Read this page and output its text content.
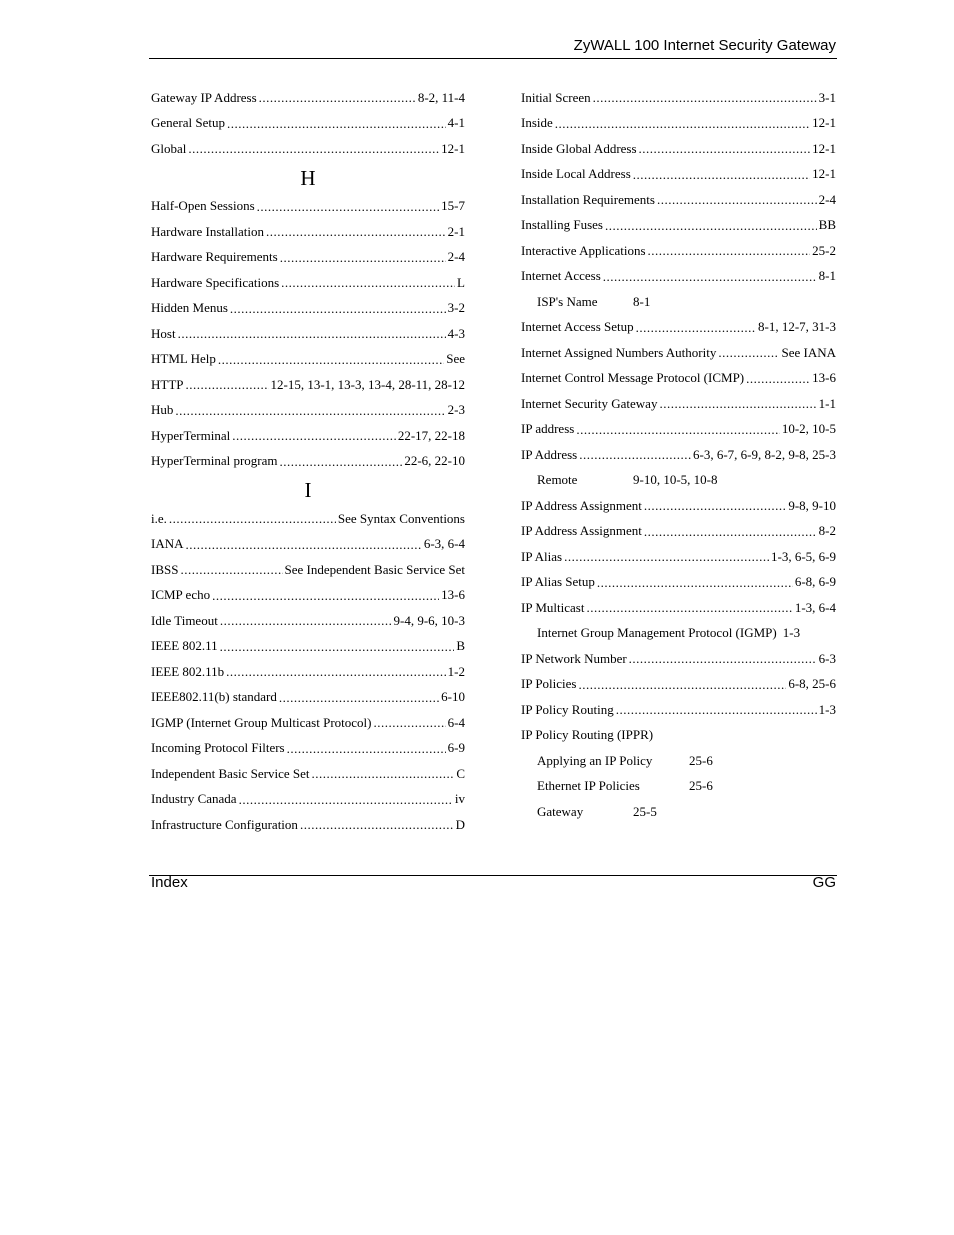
ZyWALL 100 Internet Security Gateway
Gateway IP Address .....	8-2, 11-4
General Setup .....	4-1
Global .....	12-1
H
Half-Open Sessions .....	15-7
Hardware Installation .....	2-1
Hardware Requirements .....	2-4
Hardware Specifications .....	L
Hidden Menus .....	3-2
Host .....	4-3
HTML Help .....	See
HTTP .....	12-15, 13-1, 13-3, 13-4, 28-11, 28-12
Hub .....	2-3
HyperTerminal .....	22-17, 22-18
HyperTerminal program .....	22-6, 22-10
I
i.e. .....	See Syntax Conventions
IANA .....	6-3, 6-4
IBSS .....	See Independent Basic Service Set
ICMP echo .....	13-6
Idle Timeout .....	9-4, 9-6, 10-3
IEEE 802.11 .....	B
IEEE 802.11b .....	1-2
IEEE802.11(b) standard .....	6-10
IGMP (Internet Group Multicast Protocol) .....	6-4
Incoming Protocol Filters .....	6-9
Independent Basic Service Set .....	C
Industry Canada .....	iv
Infrastructure Configuration .....	D
Initial Screen .....	3-1
Inside .....	12-1
Inside Global Address .....	12-1
Inside Local Address .....	12-1
Installation Requirements .....	2-4
Installing Fuses .....	BB
Interactive Applications .....	25-2
Internet Access .....	8-1
ISP's Name	8-1
Internet Access Setup .....	8-1, 12-7, 31-3
Internet Assigned Numbers Authority .....	See IANA
Internet Control Message Protocol (ICMP) .....	13-6
Internet Security Gateway .....	1-1
IP address .....	10-2, 10-5
IP Address .....	6-3, 6-7, 6-9, 8-2, 9-8, 25-3
Remote	9-10, 10-5, 10-8
IP Address Assignment .....	9-8, 9-10
IP Address Assignment .....	8-2
IP Alias .....	1-3, 6-5, 6-9
IP Alias Setup .....	6-8, 6-9
IP Multicast .....	1-3, 6-4
Internet Group Management Protocol (IGMP) 1-3
IP Network Number .....	6-3
IP Policies .....	6-8, 25-6
IP Policy Routing .....	1-3
IP Policy Routing (IPPR)
Applying an IP Policy	25-6
Ethernet IP Policies	25-6
Gateway	25-5
Index	GG
